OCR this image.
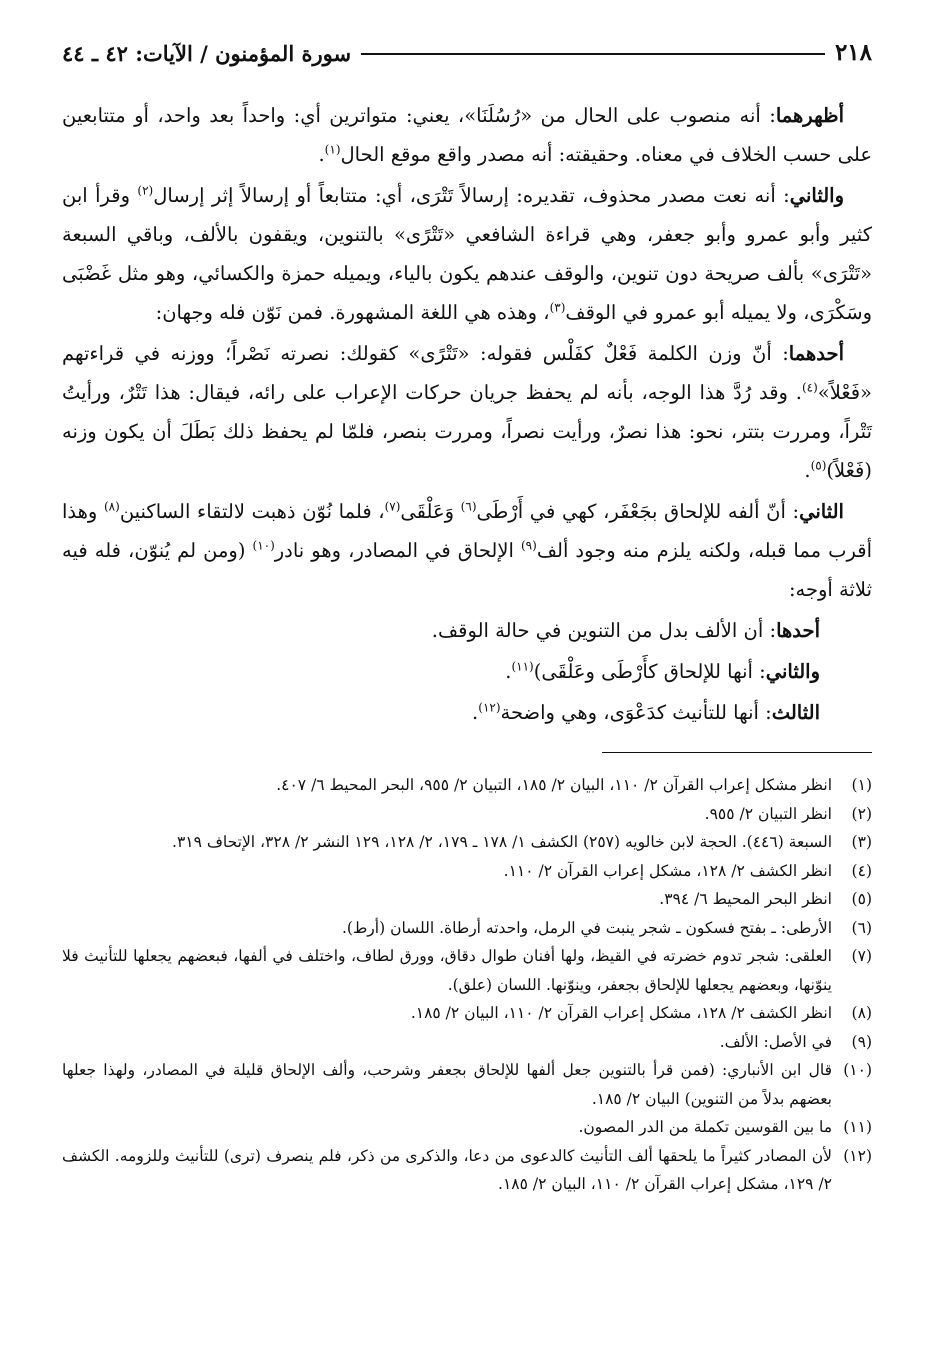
٢١٨
سورة المؤمنون / الآيات: ٤٢ ـ ٤٤

أظهرهما: أنه منصوب على الحال من «رُسُلَنَا»، يعني: متواترين أي: واحداً بعد واحد، أو متتابعين على حسب الخلاف في معناه. وحقيقته: أنه مصدر واقع موقع الحال$^{(١)}$.

والثاني: أنه نعت مصدر محذوف، تقديره: إرسالاً تَتْرَى، أي: متتابعاً أو إرسالاً إثر إرسال$^{(٢)}$ وقرأ ابن كثير وأبو عمرو وأبو جعفر، وهي قراءة الشافعي «تَتْرًى» بالتنوين، ويقفون بالألف، وباقي السبعة «تَتْرَى» بألف صريحة دون تنوين، والوقف عندهم يكون بالياء، ويميله حمزة والكسائي، وهو مثل غَضْبَى وسَكْرَى، ولا يميله أبو عمرو في الوقف$^{(٣)}$، وهذه هي اللغة المشهورة. فمن نَوّن فله وجهان:

أحدهما: أنّ وزن الكلمة فَعْلٌ كفَلْس فقوله: «تَتْرًى» كقولك: نصرته نَصْراً؛ ووزنه في قراءتهم «فَعْلاً»$^{(٤)}$. وقد رُدَّ هذا الوجه، بأنه لم يحفظ جريان حركات الإعراب على رائه، فيقال: هذا تَتْرٌ، ورأيتُ تَتْراً، ومررت بتتر، نحو: هذا نصرٌ، ورأيت نصراً، ومررت بنصر، فلمّا لم يحفظ ذلك بَطَلَ أن يكون وزنه (فَعْلاً)$^{(٥)}$.

الثاني: أنّ ألفه للإلحاق بجَعْفَر، كهي في أَرْطَى$^{(٦)}$ وَعَلْقَى$^{(٧)}$، فلما نُوّن ذهبت لالتقاء الساكنين$^{(٨)}$ وهذا أقرب مما قبله، ولكنه يلزم منه وجود ألف$^{(٩)}$ الإلحاق في المصادر، وهو نادر$^{(١٠)}$ (ومن لم يُنوّن، فله فيه ثلاثة أوجه:

أحدها: أن الألف بدل من التنوين في حالة الوقف.

والثاني: أنها للإلحاق كأَرْطَى وعَلْقَى)$^{(١١)}$.

الثالث: أنها للتأنيث كدَعْوَى، وهي واضحة$^{(١٢)}$.

(١)
انظر مشكل إعراب القرآن ٢/ ١١٠، البيان ٢/ ١٨٥، التبيان ٢/ ٩٥٥، البحر المحيط ٦/ ٤٠٧.
(٢)
انظر التبيان ٢/ ٩٥٥.
(٣)
السبعة (٤٤٦). الحجة لابن خالويه (٢٥٧) الكشف ١/ ١٧٨ ـ ١٧٩، ٢/ ١٢٨، ١٢٩ النشر ٢/ ٣٢٨، الإتحاف ٣١٩.
(٤)
انظر الكشف ٢/ ١٢٨، مشكل إعراب القرآن ٢/ ١١٠.
(٥)
انظر البحر المحيط ٦/ ٣٩٤.
(٦)
الأرطى: ـ بفتح فسكون ـ شجر ينبت في الرمل، واحدته أرطاة. اللسان (أرط).
(٧)
العلقى: شجر تدوم خضرته في القيظ، ولها أفنان طوال دقاق، وورق لطاف، واختلف في ألفها، فبعضهم يجعلها للتأنيث فلا ينوّنها، وبعضهم يجعلها للإلحاق بجعفر، وينوّنها. اللسان (علق).
(٨)
انظر الكشف ٢/ ١٢٨، مشكل إعراب القرآن ٢/ ١١٠، البيان ٢/ ١٨٥.
(٩)
في الأصل: الألف.
(١٠)
قال ابن الأنباري: (فمن قرأ بالتنوين جعل ألفها للإلحاق بجعفر وشرحب، وألف الإلحاق قليلة في المصادر، ولهذا جعلها بعضهم بدلاً من التنوين) البيان ٢/ ١٨٥.
(١١)
ما بين القوسين تكملة من الدر المصون.
(١٢)
لأن المصادر كثيراً ما يلحقها ألف التأنيث كالدعوى من دعا، والذكرى من ذكر، فلم ينصرف (ترى) للتأنيث وللزومه. الكشف ٢/ ١٢٩، مشكل إعراب القرآن ٢/ ١١٠، البيان ٢/ ١٨٥.
